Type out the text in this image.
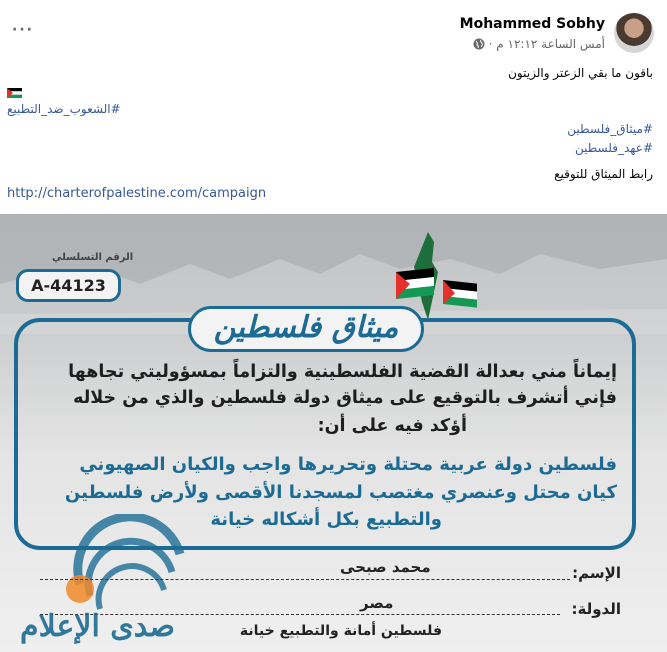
···	Mohammed Sobhy
أمس الساعة ١٢:١٢ م ·
باقون ما بقي الزعتر والزيتون
#الشعوب_ضد_التطبيع
#ميثاق_فلسطين
#عهد_فلسطين
رابط الميثاق للتوقيع
http://charterofpalestine.com/campaign
الرقم التسلسلي
A-44123
ميثاق فلسطين
إيماناً مني بعدالة القضية الفلسطينية والتزاماً بمسؤوليتي تجاهها
فإني أتشرف بالتوقيع على ميثاق دولة فلسطين والذي من خلاله
أؤكد فيه على أن:
فلسطين دولة عربية محتلة وتحريرها واجب والكيان الصهيوني
كيان محتل وعنصري مغتصب لمسجدنا الأقصى ولأرض فلسطين
والتطبيع بكل أشكاله خيانة
الإسم:
محمد صبحى
الدولة:
مصر
فلسطين أمانة والتطبيع خيانة
صدى الإعلام
